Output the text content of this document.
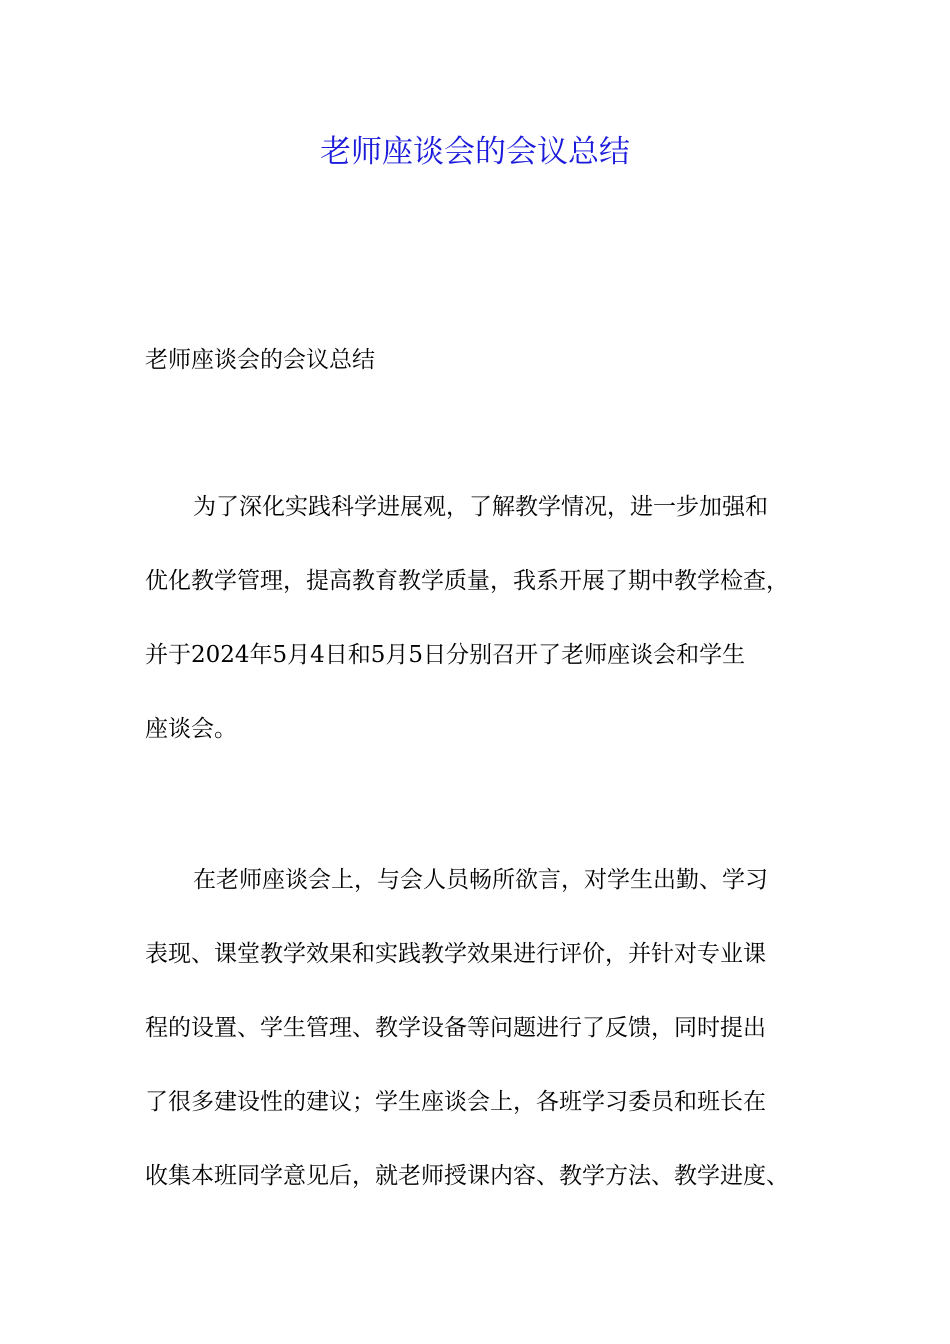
老师座谈会的会议总结

老师座谈会的会议总结

为了深化实践科学进展观，了解教学情况，进一步加强和
优化教学管理，提高教育教学质量，我系开展了期中教学检查，
并于2024年5月4日和5月5日分别召开了老师座谈会和学生
座谈会。
在老师座谈会上，与会人员畅所欲言，对学生出勤、学习
表现、课堂教学效果和实践教学效果进行评价，并针对专业课
程的设置、学生管理、教学设备等问题进行了反馈，同时提出
了很多建设性的建议；学生座谈会上，各班学习委员和班长在
收集本班同学意见后，就老师授课内容、教学方法、教学进度、
